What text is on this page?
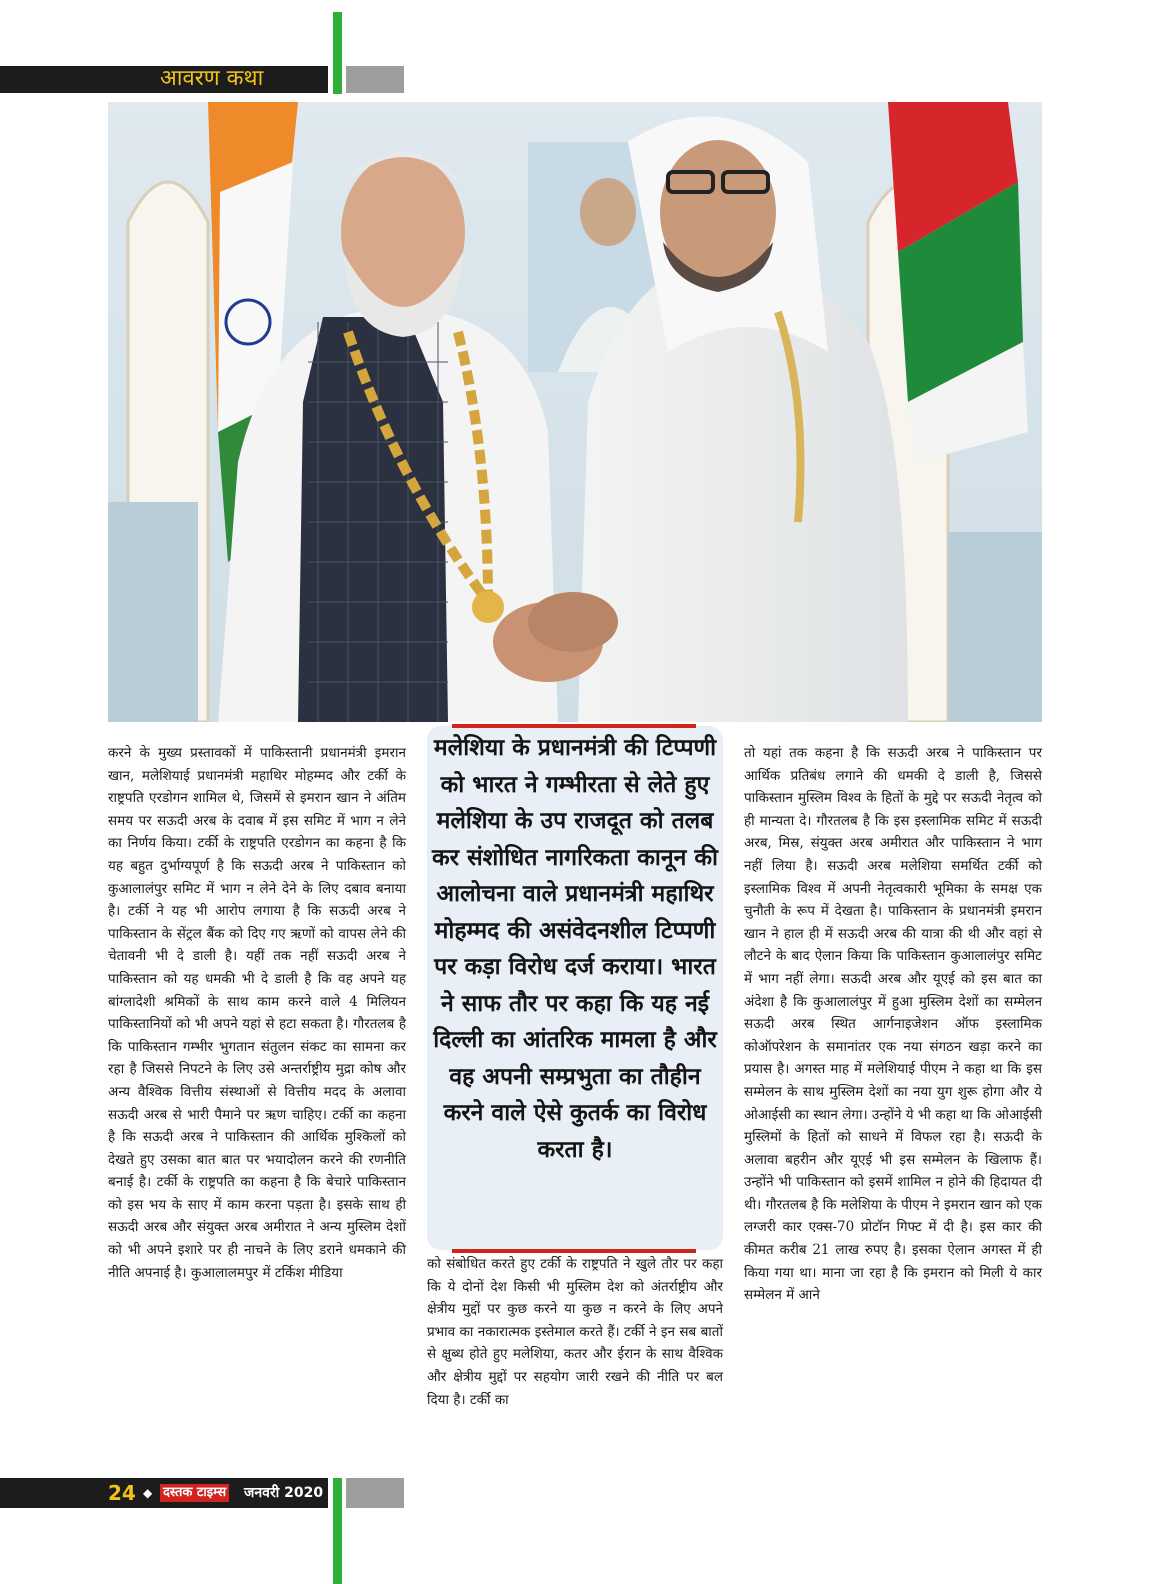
आवरण कथा

करने के मुख्य प्रस्तावकों में पाकिस्तानी प्रधानमंत्री इमरान खान, मलेशियाई प्रधानमंत्री महाथिर मोहम्मद और टर्की के राष्ट्रपति एरडोगन शामिल थे, जिसमें से इमरान खान ने अंतिम समय पर सऊदी अरब के दवाब में इस समिट में भाग न लेने का निर्णय किया। टर्की के राष्ट्रपति एरडोगन का कहना है कि यह बहुत दुर्भाग्यपूर्ण है कि सऊदी अरब ने पाकिस्तान को कुआलालंपुर समिट में भाग न लेने देने के लिए दबाव बनाया है। टर्की ने यह भी आरोप लगाया है कि सऊदी अरब ने पाकिस्तान के सेंट्रल बैंक को दिए गए ऋणों को वापस लेने की चेतावनी भी दे डाली है। यहीं तक नहीं सऊदी अरब ने पाकिस्तान को यह धमकी भी दे डाली है कि वह अपने यह बांग्लादेशी श्रमिकों के साथ काम करने वाले 4 मिलियन पाकिस्तानियों को भी अपने यहां से हटा सकता है। गौरतलब है कि पाकिस्तान गम्भीर भुगतान संतुलन संकट का सामना कर रहा है जिससे निपटने के लिए उसे अन्तर्राष्ट्रीय मुद्रा कोष और अन्य वैश्विक वित्तीय संस्थाओं से वित्तीय मदद के अलावा सऊदी अरब से भारी पैमाने पर ऋण चाहिए। टर्की का कहना है कि सऊदी अरब ने पाकिस्तान की आर्थिक मुश्किलों को देखते हुए उसका बात बात पर भयादोलन करने की रणनीति बनाई है। टर्की के राष्ट्रपति का कहना है कि बेचारे पाकिस्तान को इस भय के साए में काम करना पड़ता है। इसके साथ ही सऊदी अरब और संयुक्त अरब अमीरात ने अन्य मुस्लिम देशों को भी अपने इशारे पर ही नाचने के लिए डराने धमकाने की नीति अपनाई है। कुआलालमपुर में टर्किश मीडिया

मलेशिया के प्रधानमंत्री की टिप्पणी को भारत ने गम्भीरता से लेते हुए मलेशिया के उप राजदूत को तलब कर संशोधित नागरिकता कानून की आलोचना वाले प्रधानमंत्री महाथिर मोहम्मद की असंवेदनशील टिप्पणी पर कड़ा विरोध दर्ज कराया। भारत ने साफ तौर पर कहा कि यह नई दिल्ली का आंतरिक मामला है और वह अपनी सम्प्रभुता का तौहीन करने वाले ऐसे कुतर्क का विरोध करता है।

को संबोधित करते हुए टर्की के राष्ट्रपति ने खुले तौर पर कहा कि ये दोनों देश किसी भी मुस्लिम देश को अंतर्राष्ट्रीय और क्षेत्रीय मुद्दों पर कुछ करने या कुछ न करने के लिए अपने प्रभाव का नकारात्मक इस्तेमाल करते हैं। टर्की ने इन सब बातों से क्षुब्ध होते हुए मलेशिया, कतर और ईरान के साथ वैश्विक और क्षेत्रीय मुद्दों पर सहयोग जारी रखने की नीति पर बल दिया है। टर्की का

तो यहां तक कहना है कि सऊदी अरब ने पाकिस्तान पर आर्थिक प्रतिबंध लगाने की धमकी दे डाली है, जिससे पाकिस्तान मुस्लिम विश्व के हितों के मुद्दे पर सऊदी नेतृत्व को ही मान्यता दे। गौरतलब है कि इस इस्लामिक समिट में सऊदी अरब, मिस्र, संयुक्त अरब अमीरात और पाकिस्तान ने भाग नहीं लिया है। सऊदी अरब मलेशिया समर्थित टर्की को इस्लामिक विश्व में अपनी नेतृत्वकारी भूमिका के समक्ष एक चुनौती के रूप में देखता है। पाकिस्तान के प्रधानमंत्री इमरान खान ने हाल ही में सऊदी अरब की यात्रा की थी और वहां से लौटने के बाद ऐलान किया कि पाकिस्तान कुआलालंपुर समिट में भाग नहीं लेगा। सऊदी अरब और यूएई को इस बात का अंदेशा है कि कुआलालंपुर में हुआ मुस्लिम देशों का सम्मेलन सऊदी अरब स्थित आर्गनाइजेशन ऑफ इस्लामिक कोऑपरेशन के समानांतर एक नया संगठन खड़ा करने का प्रयास है। अगस्त माह में मलेशियाई पीएम ने कहा था कि इस सम्मेलन के साथ मुस्लिम देशों का नया युग शुरू होगा और ये ओआईसी का स्थान लेगा। उन्होंने ये भी कहा था कि ओआईसी मुस्लिमों के हितों को साधने में विफल रहा है। सऊदी के अलावा बहरीन और यूएई भी इस सम्मेलन के खिलाफ हैं। उन्होंने भी पाकिस्तान को इसमें शामिल न होने की हिदायत दी थी। गौरतलब है कि मलेशिया के पीएम ने इमरान खान को एक लग्जरी कार एक्स-70 प्रोटॉन गिफ्ट में दी है। इस कार की कीमत करीब 21 लाख रुपए है। इसका ऐलान अगस्त में ही किया गया था। माना जा रहा है कि इमरान को मिली ये कार सम्मेलन में आने

24 ◆ दस्तक टाइम्स जनवरी 2020
